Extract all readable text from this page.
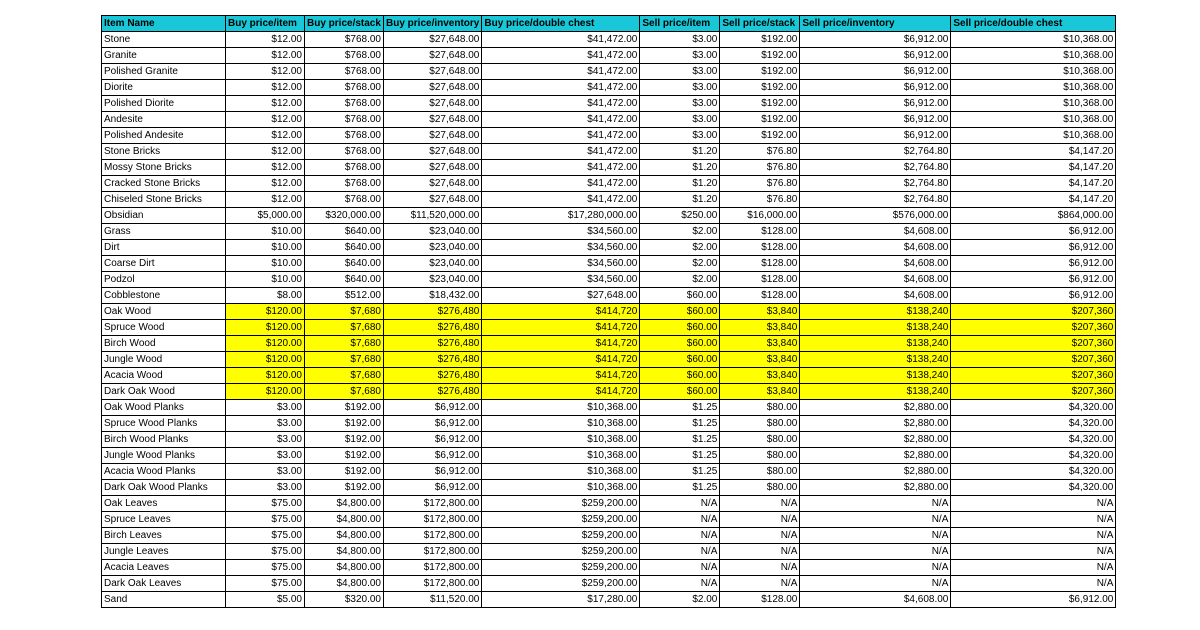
Item Name	Buy price/item	Buy price/stack	Buy price/inventory	Buy price/double chest	Sell price/item	Sell price/stack	Sell price/inventory	Sell price/double chest
Stone	$12.00	$768.00	$27,648.00	$41,472.00	$3.00	$192.00	$6,912.00	$10,368.00
Granite	$12.00	$768.00	$27,648.00	$41,472.00	$3.00	$192.00	$6,912.00	$10,368.00
Polished Granite	$12.00	$768.00	$27,648.00	$41,472.00	$3.00	$192.00	$6,912.00	$10,368.00
Diorite	$12.00	$768.00	$27,648.00	$41,472.00	$3.00	$192.00	$6,912.00	$10,368.00
Polished Diorite	$12.00	$768.00	$27,648.00	$41,472.00	$3.00	$192.00	$6,912.00	$10,368.00
Andesite	$12.00	$768.00	$27,648.00	$41,472.00	$3.00	$192.00	$6,912.00	$10,368.00
Polished Andesite	$12.00	$768.00	$27,648.00	$41,472.00	$3.00	$192.00	$6,912.00	$10,368.00
Stone Bricks	$12.00	$768.00	$27,648.00	$41,472.00	$1.20	$76.80	$2,764.80	$4,147.20
Mossy Stone Bricks	$12.00	$768.00	$27,648.00	$41,472.00	$1.20	$76.80	$2,764.80	$4,147.20
Cracked Stone Bricks	$12.00	$768.00	$27,648.00	$41,472.00	$1.20	$76.80	$2,764.80	$4,147.20
Chiseled Stone Bricks	$12.00	$768.00	$27,648.00	$41,472.00	$1.20	$76.80	$2,764.80	$4,147.20
Obsidian	$5,000.00	$320,000.00	$11,520,000.00	$17,280,000.00	$250.00	$16,000.00	$576,000.00	$864,000.00
Grass	$10.00	$640.00	$23,040.00	$34,560.00	$2.00	$128.00	$4,608.00	$6,912.00
Dirt	$10.00	$640.00	$23,040.00	$34,560.00	$2.00	$128.00	$4,608.00	$6,912.00
Coarse Dirt	$10.00	$640.00	$23,040.00	$34,560.00	$2.00	$128.00	$4,608.00	$6,912.00
Podzol	$10.00	$640.00	$23,040.00	$34,560.00	$2.00	$128.00	$4,608.00	$6,912.00
Cobblestone	$8.00	$512.00	$18,432.00	$27,648.00	$60.00	$128.00	$4,608.00	$6,912.00
Oak Wood	$120.00	$7,680	$276,480	$414,720	$60.00	$3,840	$138,240	$207,360
Spruce Wood	$120.00	$7,680	$276,480	$414,720	$60.00	$3,840	$138,240	$207,360
Birch Wood	$120.00	$7,680	$276,480	$414,720	$60.00	$3,840	$138,240	$207,360
Jungle Wood	$120.00	$7,680	$276,480	$414,720	$60.00	$3,840	$138,240	$207,360
Acacia Wood	$120.00	$7,680	$276,480	$414,720	$60.00	$3,840	$138,240	$207,360
Dark Oak Wood	$120.00	$7,680	$276,480	$414,720	$60.00	$3,840	$138,240	$207,360
Oak Wood Planks	$3.00	$192.00	$6,912.00	$10,368.00	$1.25	$80.00	$2,880.00	$4,320.00
Spruce Wood Planks	$3.00	$192.00	$6,912.00	$10,368.00	$1.25	$80.00	$2,880.00	$4,320.00
Birch Wood Planks	$3.00	$192.00	$6,912.00	$10,368.00	$1.25	$80.00	$2,880.00	$4,320.00
Jungle Wood Planks	$3.00	$192.00	$6,912.00	$10,368.00	$1.25	$80.00	$2,880.00	$4,320.00
Acacia Wood Planks	$3.00	$192.00	$6,912.00	$10,368.00	$1.25	$80.00	$2,880.00	$4,320.00
Dark Oak Wood Planks	$3.00	$192.00	$6,912.00	$10,368.00	$1.25	$80.00	$2,880.00	$4,320.00
Oak Leaves	$75.00	$4,800.00	$172,800.00	$259,200.00	N/A	N/A	N/A	N/A
Spruce Leaves	$75.00	$4,800.00	$172,800.00	$259,200.00	N/A	N/A	N/A	N/A
Birch Leaves	$75.00	$4,800.00	$172,800.00	$259,200.00	N/A	N/A	N/A	N/A
Jungle Leaves	$75.00	$4,800.00	$172,800.00	$259,200.00	N/A	N/A	N/A	N/A
Acacia Leaves	$75.00	$4,800.00	$172,800.00	$259,200.00	N/A	N/A	N/A	N/A
Dark Oak Leaves	$75.00	$4,800.00	$172,800.00	$259,200.00	N/A	N/A	N/A	N/A
Sand	$5.00	$320.00	$11,520.00	$17,280.00	$2.00	$128.00	$4,608.00	$6,912.00
